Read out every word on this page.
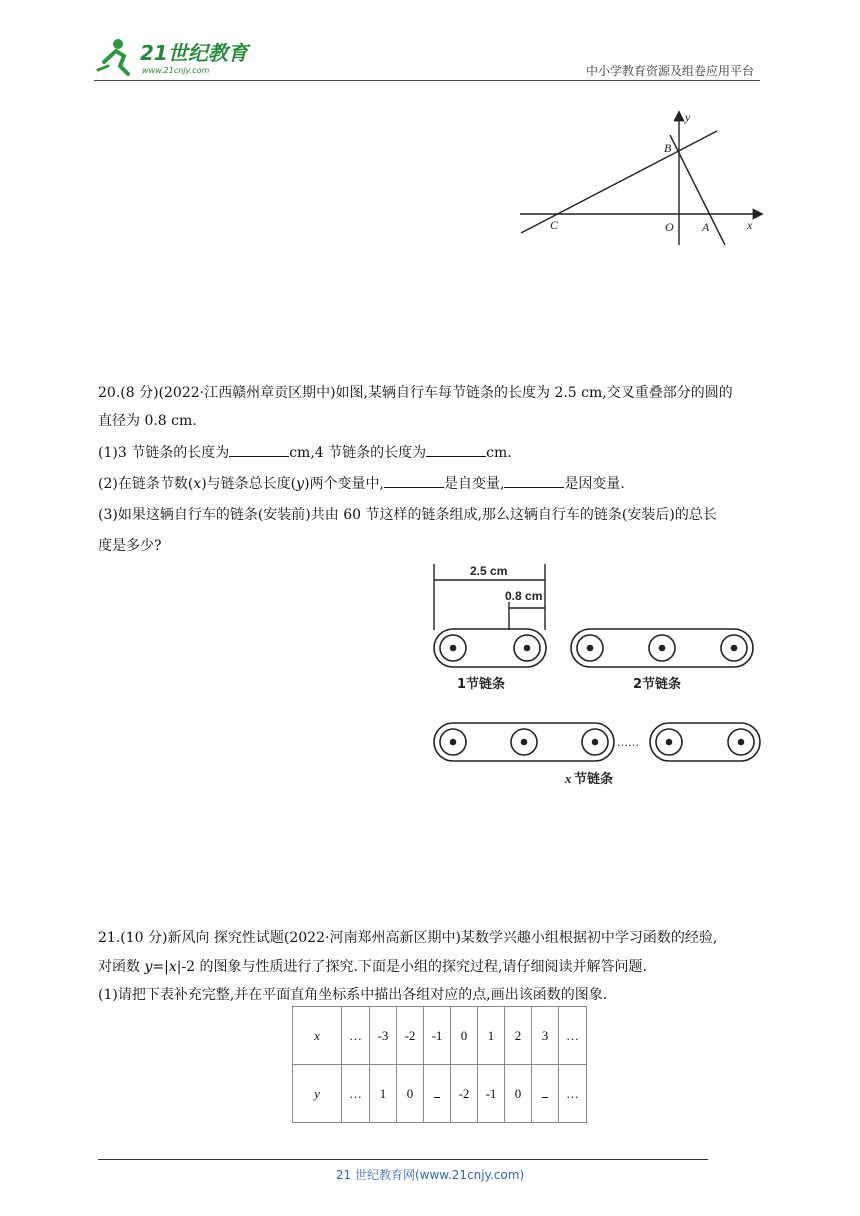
21世纪教育
www.21cnjy.com	中小学教育资源及组卷应用平台
y
x
B
C	O A
20.(8 分)(2022·江西赣州章贡区期中)如图,某辆自行车每节链条的长度为 2.5 cm,交叉重叠部分的圆的
直径为 0.8 cm.
(1)3 节链条的长度为	cm,4 节链条的长度为	cm.
(2)在链条节数(x)与链条总长度(y)两个变量中,	是自变量,	是因变量.
(3)如果这辆自行车的链条(安装前)共由 60 节这样的链条组成,那么这辆自行车的链条(安装后)的总长
度是多少?
2.5 cm
0.8 cm
1节链条	2节链条
……
x 节链条
21.(10 分)新风向 探究性试题(2022·河南郑州高新区期中)某数学兴趣小组根据初中学习函数的经验,
对函数 y=|x|-2 的图象与性质进行了探究.下面是小组的探究过程,请仔细阅读并解答问题.
(1)请把下表补充完整,并在平面直角坐标系中描出各组对应的点,画出该函数的图象.
x	…	-3	-2	-1	0	1	2	3	…
y	…	1	0		-2	-1	0		…
21 世纪教育网(www.21cnjy.com)
